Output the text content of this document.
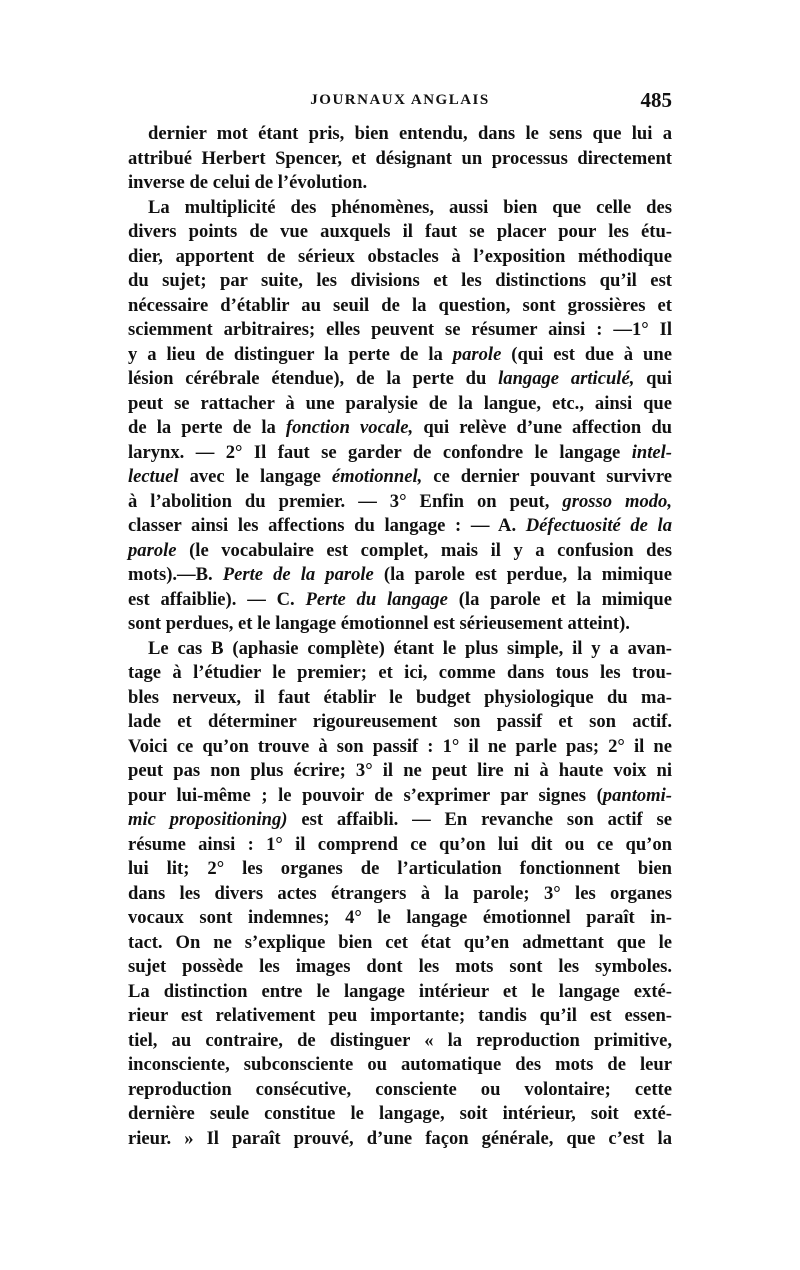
JOURNAUX ANGLAIS	485
dernier mot étant pris, bien entendu, dans le sens que lui a
attribué Herbert Spencer, et désignant un processus directement
inverse de celui de l’évolution.
La multiplicité des phénomènes, aussi bien que celle des
divers points de vue auxquels il faut se placer pour les étu-
dier, apportent de sérieux obstacles à l’exposition méthodique
du sujet; par suite, les divisions et les distinctions qu’il est
nécessaire d’établir au seuil de la question, sont grossières et
sciemment arbitraires; elles peuvent se résumer ainsi : —1° Il
y a lieu de distinguer la perte de la parole (qui est due à une
lésion cérébrale étendue), de la perte du langage articulé, qui
peut se rattacher à une paralysie de la langue, etc., ainsi que
de la perte de la fonction vocale, qui relève d’une affection du
larynx. — 2° Il faut se garder de confondre le langage intel-
lectuel avec le langage émotionnel, ce dernier pouvant survivre
à l’abolition du premier. — 3° Enfin on peut, grosso modo,
classer ainsi les affections du langage : — A. Défectuosité de la
parole (le vocabulaire est complet, mais il y a confusion des
mots).—B. Perte de la parole (la parole est perdue, la mimique
est affaiblie). — C. Perte du langage (la parole et la mimique
sont perdues, et le langage émotionnel est sérieusement atteint).
Le cas B (aphasie complète) étant le plus simple, il y a avan-
tage à l’étudier le premier; et ici, comme dans tous les trou-
bles nerveux, il faut établir le budget physiologique du ma-
lade et déterminer rigoureusement son passif et son actif.
Voici ce qu’on trouve à son passif : 1° il ne parle pas; 2° il ne
peut pas non plus écrire; 3° il ne peut lire ni à haute voix ni
pour lui-même ; le pouvoir de s’exprimer par signes (pantomi-
mic propositioning) est affaibli. — En revanche son actif se
résume ainsi : 1° il comprend ce qu’on lui dit ou ce qu’on
lui lit; 2° les organes de l’articulation fonctionnent bien
dans les divers actes étrangers à la parole; 3° les organes
vocaux sont indemnes; 4° le langage émotionnel paraît in-
tact. On ne s’explique bien cet état qu’en admettant que le
sujet possède les images dont les mots sont les symboles.
La distinction entre le langage intérieur et le langage exté-
rieur est relativement peu importante; tandis qu’il est essen-
tiel, au contraire, de distinguer « la reproduction primitive,
inconsciente, subconsciente ou automatique des mots de leur
reproduction consécutive, consciente ou volontaire; cette
dernière seule constitue le langage, soit intérieur, soit exté-
rieur. » Il paraît prouvé, d’une façon générale, que c’est la
